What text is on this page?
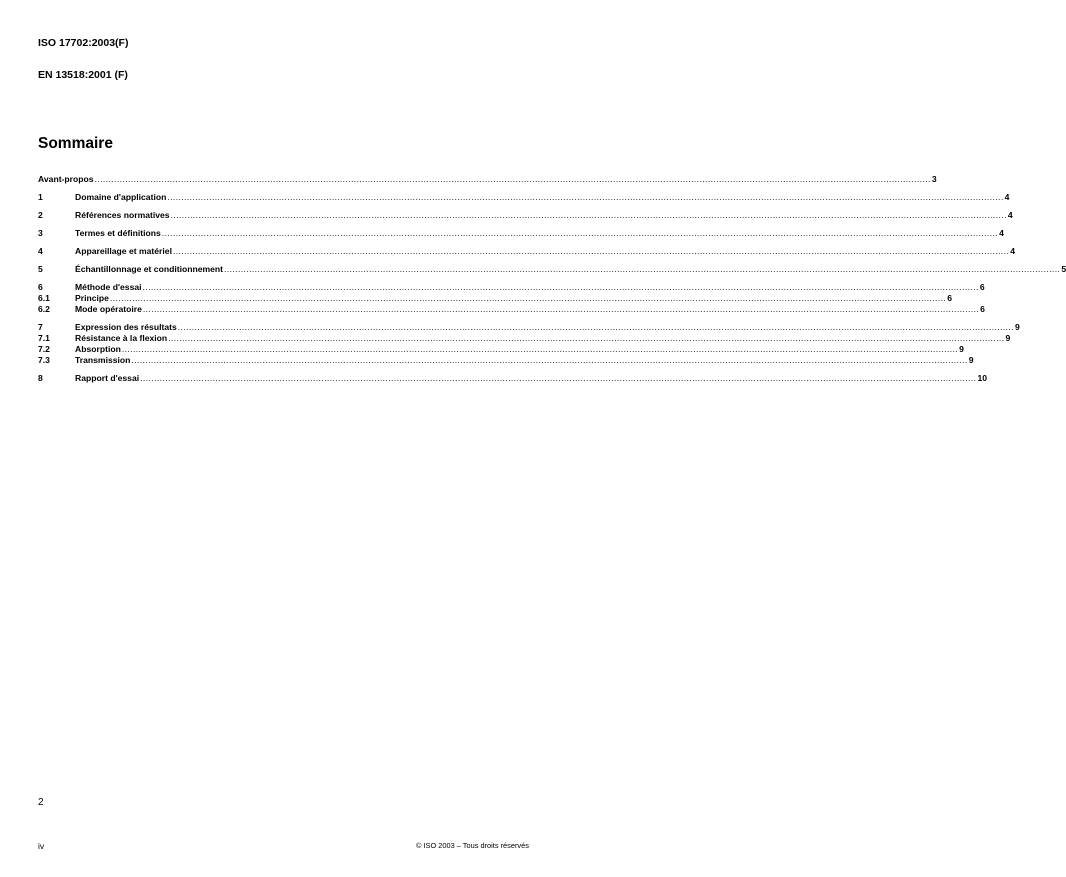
ISO 17702:2003(F)
EN 13518:2001 (F)
Sommaire
Avant-propos ............................................................................................................................................................................................................................................................................................................ 3
1	Domaine d'application ............................................................................................................................................................................................................................................................................................................ 4
2	Références normatives ............................................................................................................................................................................................................................................................................................................ 4
3	Termes et définitions ............................................................................................................................................................................................................................................................................................................ 4
4	Appareillage et matériel ............................................................................................................................................................................................................................................................................................................ 4
5	Échantillonnage et conditionnement ............................................................................................................................................................................................................................................................................................................ 5
6	Méthode d'essai ............................................................................................................................................................................................................................................................................................................ 6
6.1	Principe ............................................................................................................................................................................................................................................................................................................ 6
6.2	Mode opératoire ............................................................................................................................................................................................................................................................................................................ 6
7	Expression des résultats ............................................................................................................................................................................................................................................................................................................ 9
7.1	Résistance à la flexion ............................................................................................................................................................................................................................................................................................................ 9
7.2	Absorption ............................................................................................................................................................................................................................................................................................................ 9
7.3	Transmission ............................................................................................................................................................................................................................................................................................................ 9
8	Rapport d'essai ............................................................................................................................................................................................................................................................................................................ 10
2
iv	© ISO 2003 – Tous droits réservés
